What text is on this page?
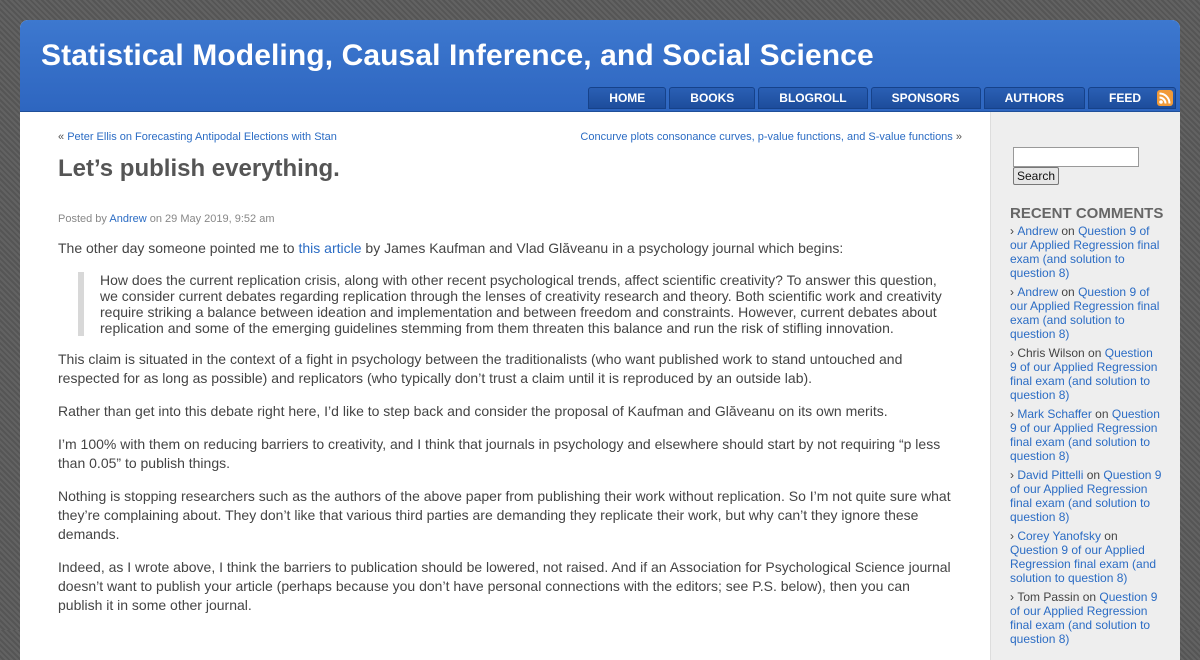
Statistical Modeling, Causal Inference, and Social Science
HOME	BOOKS	BLOGROLL	SPONSORS	AUTHORS	FEED
« Peter Ellis on Forecasting Antipodal Elections with Stan	Concurve plots consonance curves, p-value functions, and S-value functions »
Let’s publish everything.
Posted by Andrew on 29 May 2019, 9:52 am

The other day someone pointed me to this article by James Kaufman and Vlad Glăveanu in a psychology journal which begins:

How does the current replication crisis, along with other recent psychological trends, affect scientific creativity? To answer this question, we consider current debates regarding replication through the lenses of creativity research and theory. Both scientific work and creativity require striking a balance between ideation and implementation and between freedom and constraints. However, current debates about replication and some of the emerging guidelines stemming from them threaten this balance and run the risk of stifling innovation.

This claim is situated in the context of a fight in psychology between the traditionalists (who want published work to stand untouched and respected for as long as possible) and replicators (who typically don’t trust a claim until it is reproduced by an outside lab).

Rather than get into this debate right here, I’d like to step back and consider the proposal of Kaufman and Glăveanu on its own merits.

I’m 100% with them on reducing barriers to creativity, and I think that journals in psychology and elsewhere should start by not requiring “p less than 0.05” to publish things.

Nothing is stopping researchers such as the authors of the above paper from publishing their work without replication. So I’m not quite sure what they’re complaining about. They don’t like that various third parties are demanding they replicate their work, but why can’t they ignore these demands.

Indeed, as I wrote above, I think the barriers to publication should be lowered, not raised. And if an Association for Psychological Science journal doesn’t want to publish your article (perhaps because you don’t have personal connections with the editors; see P.S. below), then you can publish it in some other journal.

Search
RECENT COMMENTS
› Andrew on Question 9 of our Applied Regression final exam (and solution to question 8)
› Andrew on Question 9 of our Applied Regression final exam (and solution to question 8)
› Chris Wilson on Question 9 of our Applied Regression final exam (and solution to question 8)
› Mark Schaffer on Question 9 of our Applied Regression final exam (and solution to question 8)
› David Pittelli on Question 9 of our Applied Regression final exam (and solution to question 8)
› Corey Yanofsky on Question 9 of our Applied Regression final exam (and solution to question 8)
› Tom Passin on Question 9 of our Applied Regression final exam (and solution to question 8)
